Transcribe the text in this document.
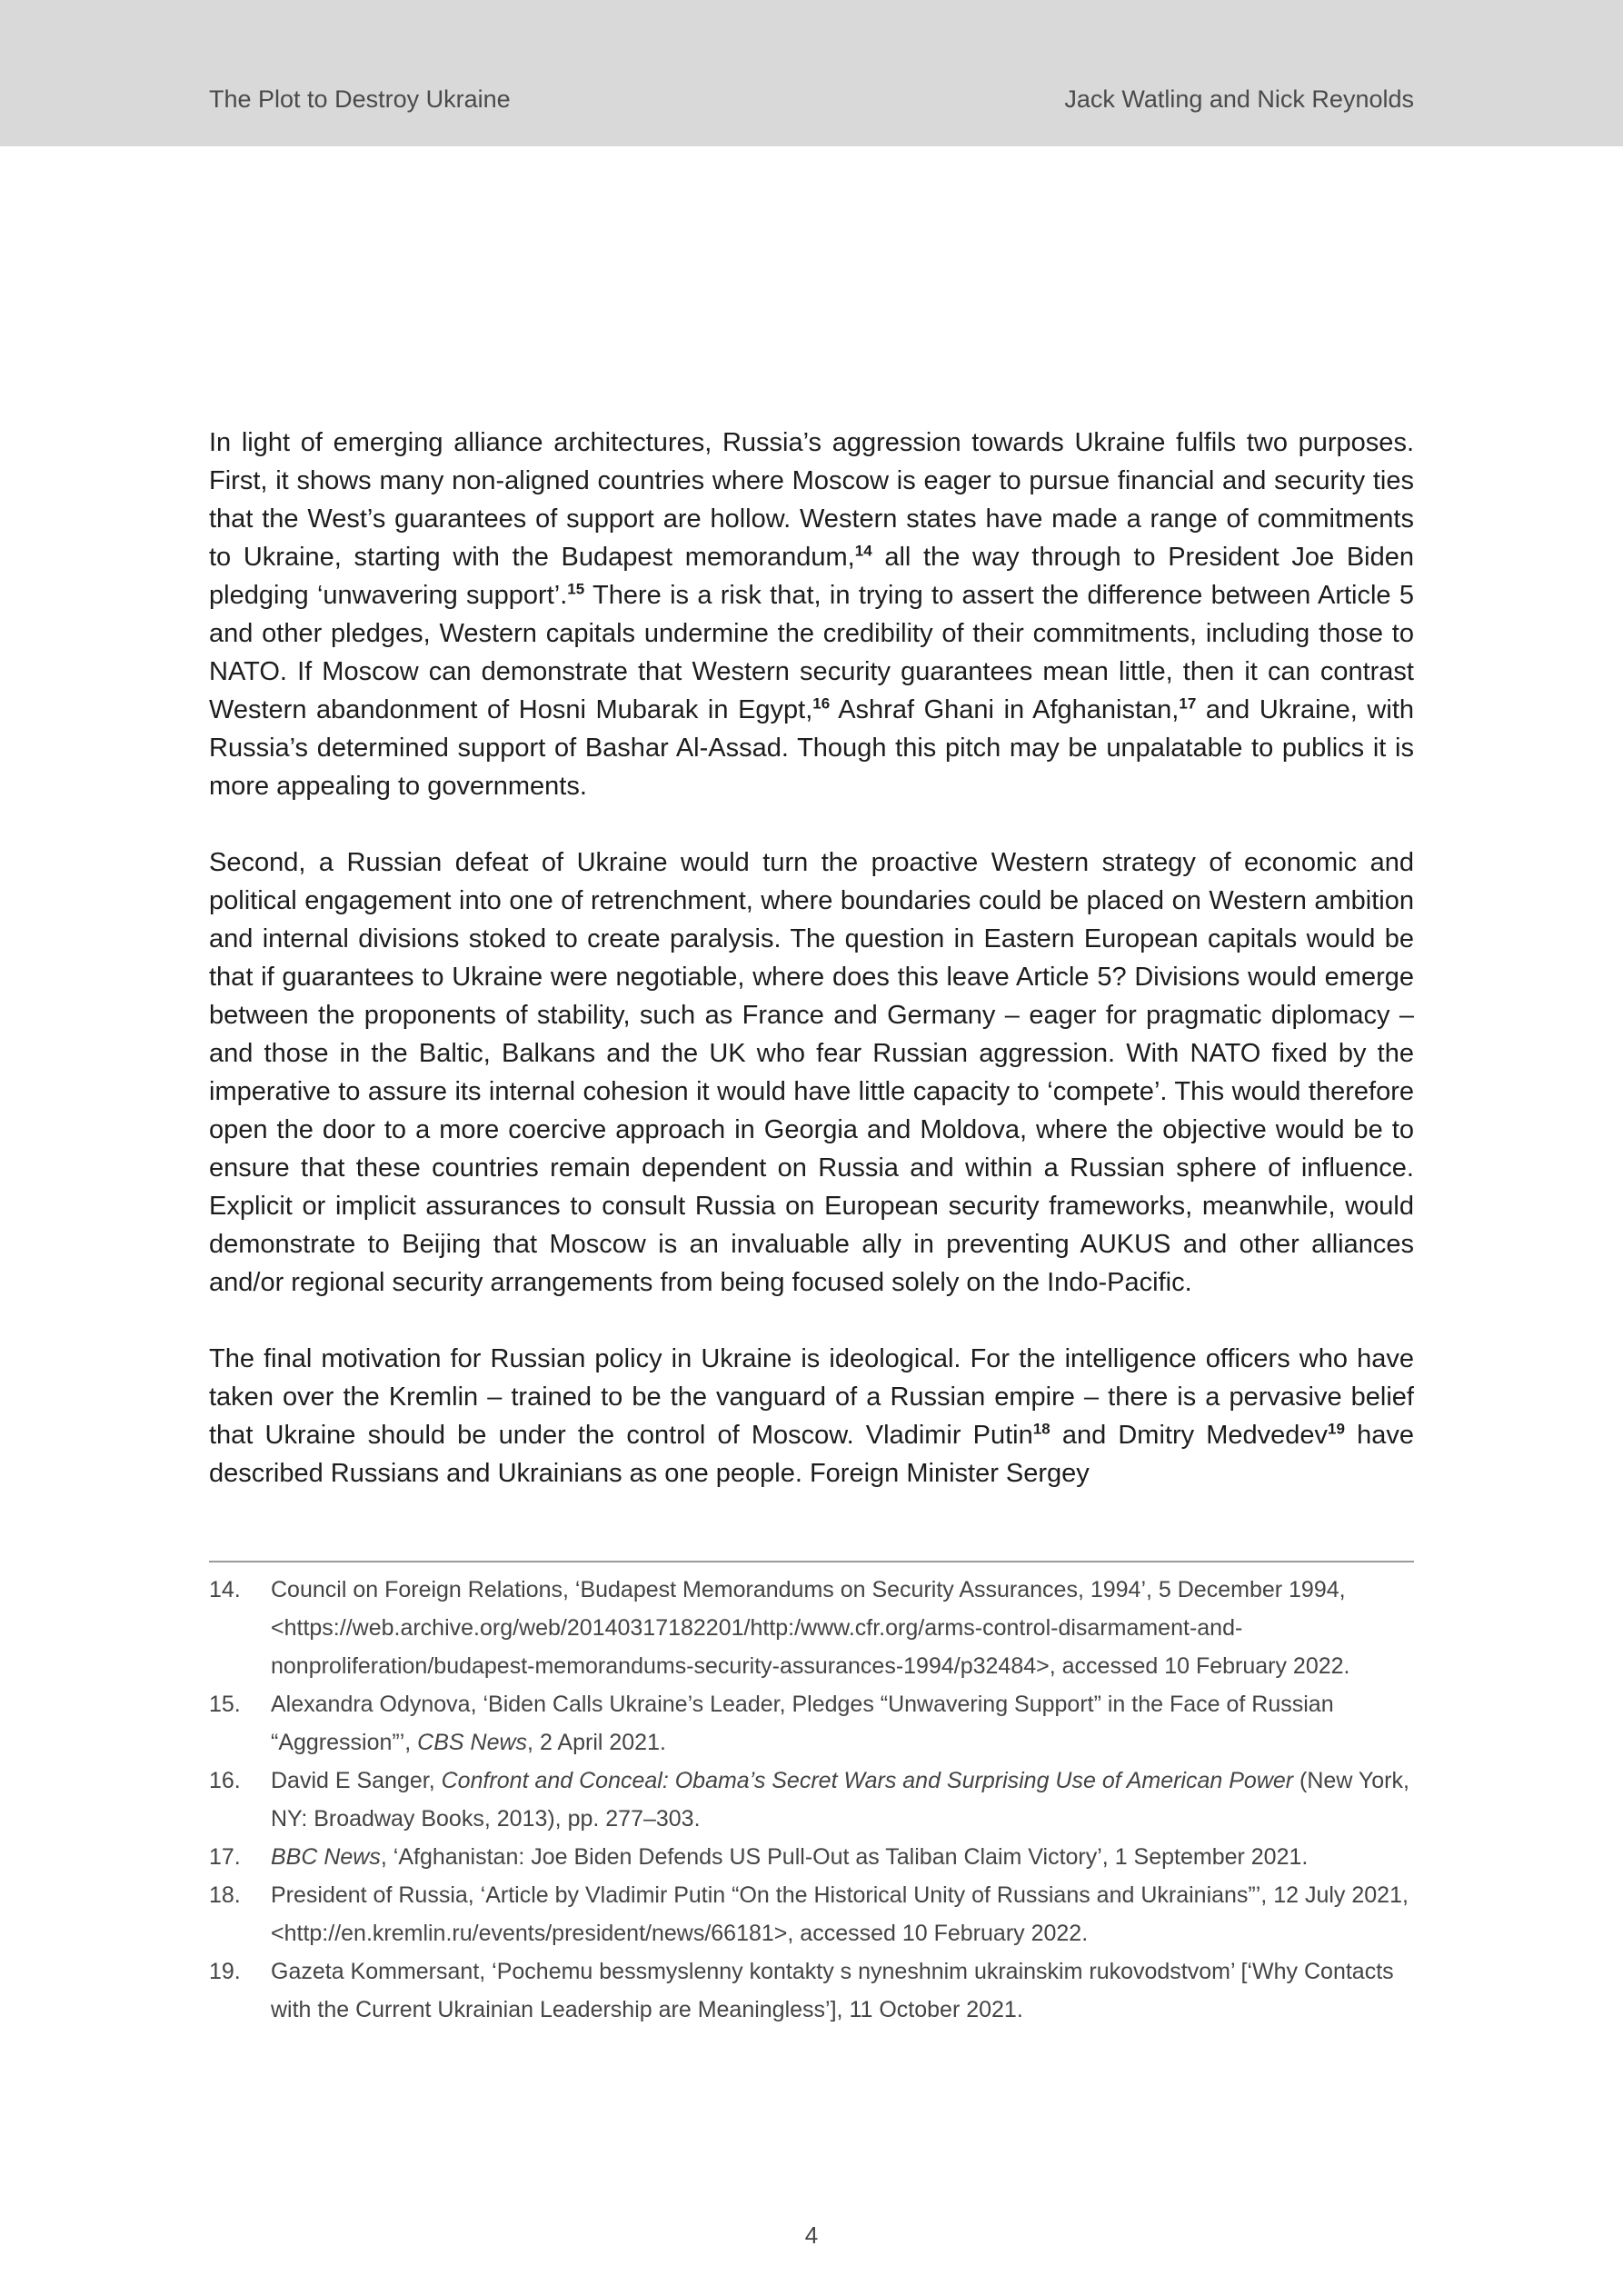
The Plot to Destroy Ukraine	Jack Watling and Nick Reynolds

In light of emerging alliance architectures, Russia’s aggression towards Ukraine fulfils two purposes. First, it shows many non-aligned countries where Moscow is eager to pursue financial and security ties that the West’s guarantees of support are hollow. Western states have made a range of commitments to Ukraine, starting with the Budapest memorandum,$^{14}$ all the way through to President Joe Biden pledging ‘unwavering support’.$^{15}$ There is a risk that, in trying to assert the difference between Article 5 and other pledges, Western capitals undermine the credibility of their commitments, including those to NATO. If Moscow can demonstrate that Western security guarantees mean little, then it can contrast Western abandonment of Hosni Mubarak in Egypt,$^{16}$ Ashraf Ghani in Afghanistan,$^{17}$ and Ukraine, with Russia’s determined support of Bashar Al-Assad. Though this pitch may be unpalatable to publics it is more appealing to governments.

Second, a Russian defeat of Ukraine would turn the proactive Western strategy of economic and political engagement into one of retrenchment, where boundaries could be placed on Western ambition and internal divisions stoked to create paralysis. The question in Eastern European capitals would be that if guarantees to Ukraine were negotiable, where does this leave Article 5? Divisions would emerge between the proponents of stability, such as France and Germany – eager for pragmatic diplomacy – and those in the Baltic, Balkans and the UK who fear Russian aggression. With NATO fixed by the imperative to assure its internal cohesion it would have little capacity to ‘compete’. This would therefore open the door to a more coercive approach in Georgia and Moldova, where the objective would be to ensure that these countries remain dependent on Russia and within a Russian sphere of influence. Explicit or implicit assurances to consult Russia on European security frameworks, meanwhile, would demonstrate to Beijing that Moscow is an invaluable ally in preventing AUKUS and other alliances and/or regional security arrangements from being focused solely on the Indo-Pacific.

The final motivation for Russian policy in Ukraine is ideological. For the intelligence officers who have taken over the Kremlin – trained to be the vanguard of a Russian empire – there is a pervasive belief that Ukraine should be under the control of Moscow. Vladimir Putin$^{18}$ and Dmitry Medvedev$^{19}$ have described Russians and Ukrainians as one people. Foreign Minister Sergey

14. Council on Foreign Relations, ‘Budapest Memorandums on Security Assurances, 1994’, 5 December 1994, <https://web.archive.org/web/20140317182201/http:/www.cfr.org/arms-control-disarmament-and-nonproliferation/budapest-memorandums-security-assurances-1994/p32484>, accessed 10 February 2022.
15. Alexandra Odynova, ‘Biden Calls Ukraine’s Leader, Pledges “Unwavering Support” in the Face of Russian “Aggression”’, CBS News, 2 April 2021.
16. David E Sanger, Confront and Conceal: Obama’s Secret Wars and Surprising Use of American Power (New York, NY: Broadway Books, 2013), pp. 277–303.
17. BBC News, ‘Afghanistan: Joe Biden Defends US Pull-Out as Taliban Claim Victory’, 1 September 2021.
18. President of Russia, ‘Article by Vladimir Putin “On the Historical Unity of Russians and Ukrainians”’, 12 July 2021, <http://en.kremlin.ru/events/president/news/66181>, accessed 10 February 2022.
19. Gazeta Kommersant, ‘Pochemu bessmyslenny kontakty s nyneshnim ukrainskim rukovodstvom’ [‘Why Contacts with the Current Ukrainian Leadership are Meaningless’], 11 October 2021.
4
